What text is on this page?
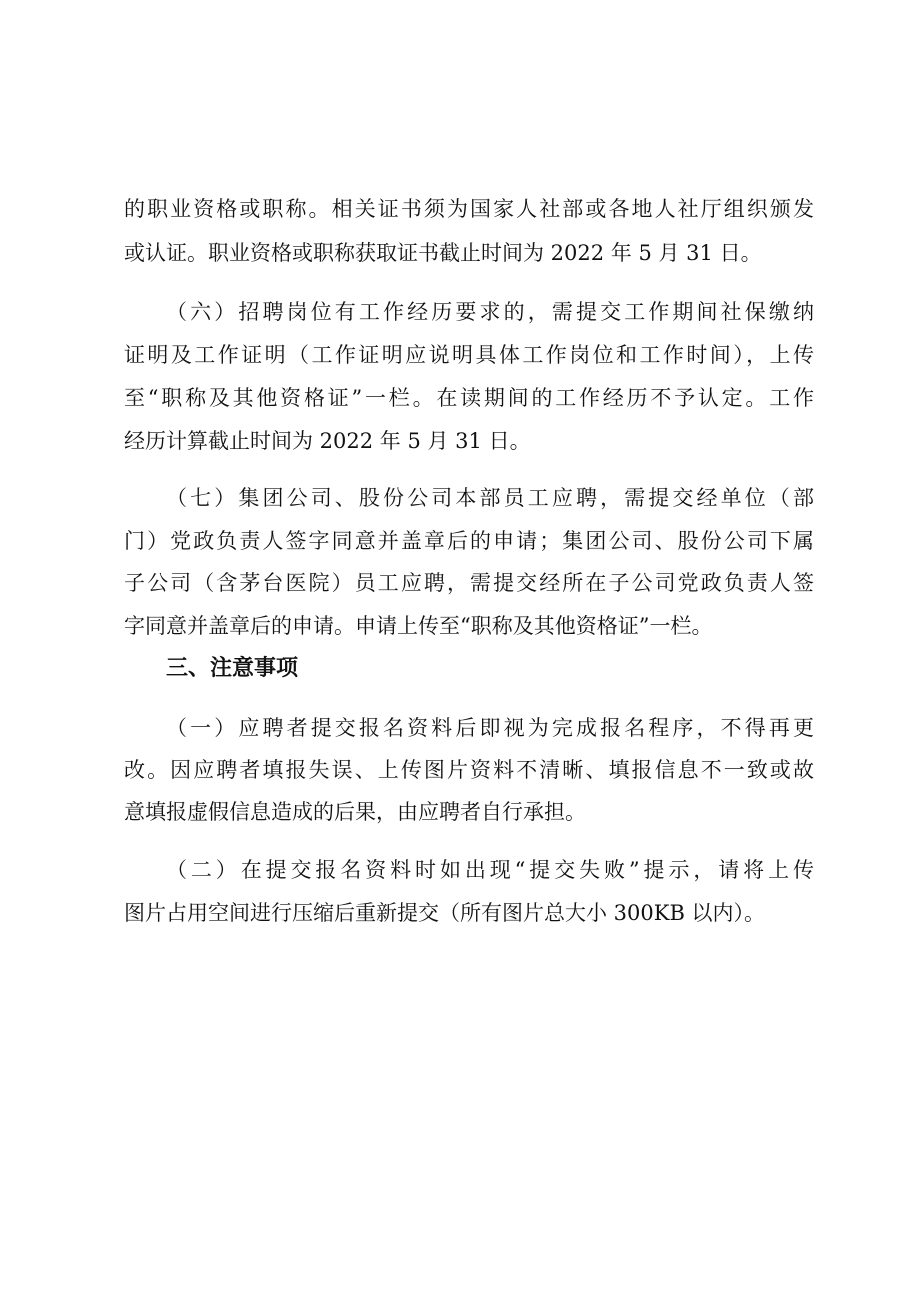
的职业资格或职称。相关证书须为国家人社部或各地人社厅组织颁发
或认证。职业资格或职称获取证书截止时间为 2022 年 5 月 31 日。
（六）招聘岗位有工作经历要求的，需提交工作期间社保缴纳
证明及工作证明（工作证明应说明具体工作岗位和工作时间），上传
至“职称及其他资格证”一栏。在读期间的工作经历不予认定。工作
经历计算截止时间为 2022 年 5 月 31 日。
（七）集团公司、股份公司本部员工应聘，需提交经单位（部
门）党政负责人签字同意并盖章后的申请；集团公司、股份公司下属
子公司（含茅台医院）员工应聘，需提交经所在子公司党政负责人签
字同意并盖章后的申请。申请上传至“职称及其他资格证”一栏。
三、注意事项
（一）应聘者提交报名资料后即视为完成报名程序，不得再更
改。因应聘者填报失误、上传图片资料不清晰、填报信息不一致或故
意填报虚假信息造成的后果，由应聘者自行承担。
（二）在提交报名资料时如出现“提交失败”提示，请将上传
图片占用空间进行压缩后重新提交（所有图片总大小 300KB 以内）。
